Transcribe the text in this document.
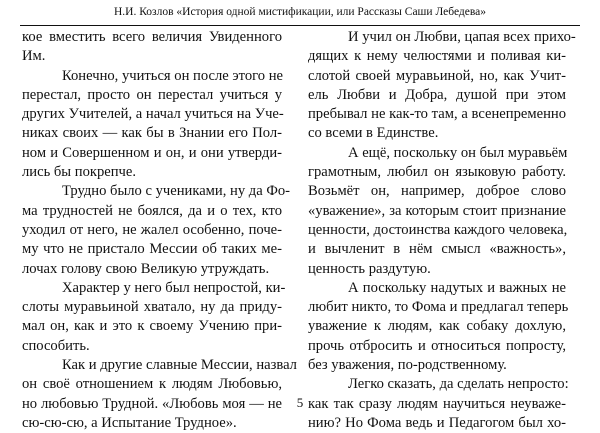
Н.И. Козлов «История одной мистификации, или Рассказы Саши Лебедева»
кое вместить всего величия Увиденного
Им.
Конечно, учиться он после этого не
перестал, просто он перестал учиться у
других Учителей, а начал учиться на Уче-
никах своих — как бы в Знании его Пол-
ном и Совершенном и он, и они утверди-
лись бы покрепче.
Трудно было с учениками, ну да Фо-
ма трудностей не боялся, да и о тех, кто
уходил от него, не жалел особенно, поче-
му что не пристало Мессии об таких ме-
лочах голову свою Великую утруждать.
Характер у него был непростой, ки-
слоты муравьиной хватало, ну да приду-
мал он, как и это к своему Учению при-
способить.
Как и другие славные Мессии, назвал
он своё отношением к людям Любовью,
но любовью Трудной. «Любовь моя — не
сю-сю-сю, а Испытание Трудное».
И учил он Любви, цапая всех прихо-
дящих к нему челюстями и поливая ки-
слотой своей муравьиной, но, как Учит-
ель Любви и Добра, душой при этом
пребывал не как-то там, а всенепременно
со всеми в Единстве.
А ещё, поскольку он был муравьём
грамотным, любил он языковую работу.
Возьмёт он, например, доброе слово
«уважение», за которым стоит признание
ценности, достоинства каждого человека,
и вычленит в нём смысл «важность»,
ценность раздутую.
А поскольку надутых и важных не
любит никто, то Фома и предлагал теперь
уважение к людям, как собаку дохлую,
прочь отбросить и относиться попросту,
без уважения, по-родственному.
Легко сказать, да сделать непросто:
как так сразу людям научиться неуваже-
нию? Но Фома ведь и Педагогом был хо-
5
